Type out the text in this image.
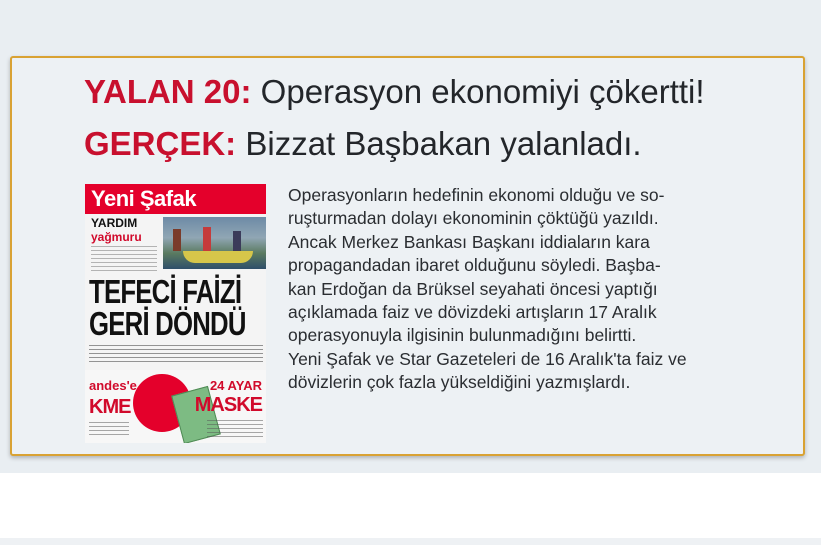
YALAN 20: Operasyon ekonomiyi çökertti!
GERÇEK: Bizzat Başbakan yalanladı.
Yeni Şafak
YARDIM
yağmuru
TEFECİ FAİZİ
GERİ DÖNDÜ
andes'e
KME
24 AYAR
MASKE
Operasyonların hedefinin ekonomi olduğu ve so-
ruşturmadan dolayı ekonominin çöktüğü yazıldı.
Ancak Merkez Bankası Başkanı iddiaların kara
propagandadan ibaret olduğunu söyledi. Başba-
kan Erdoğan da Brüksel seyahati öncesi yaptığı
açıklamada faiz ve dövizdeki artışların 17 Aralık
operasyonuyla ilgisinin bulunmadığını belirtti.
Yeni Şafak ve Star Gazeteleri de 16 Aralık'ta faiz ve
dövizlerin çok fazla yükseldiğini yazmışlardı.
